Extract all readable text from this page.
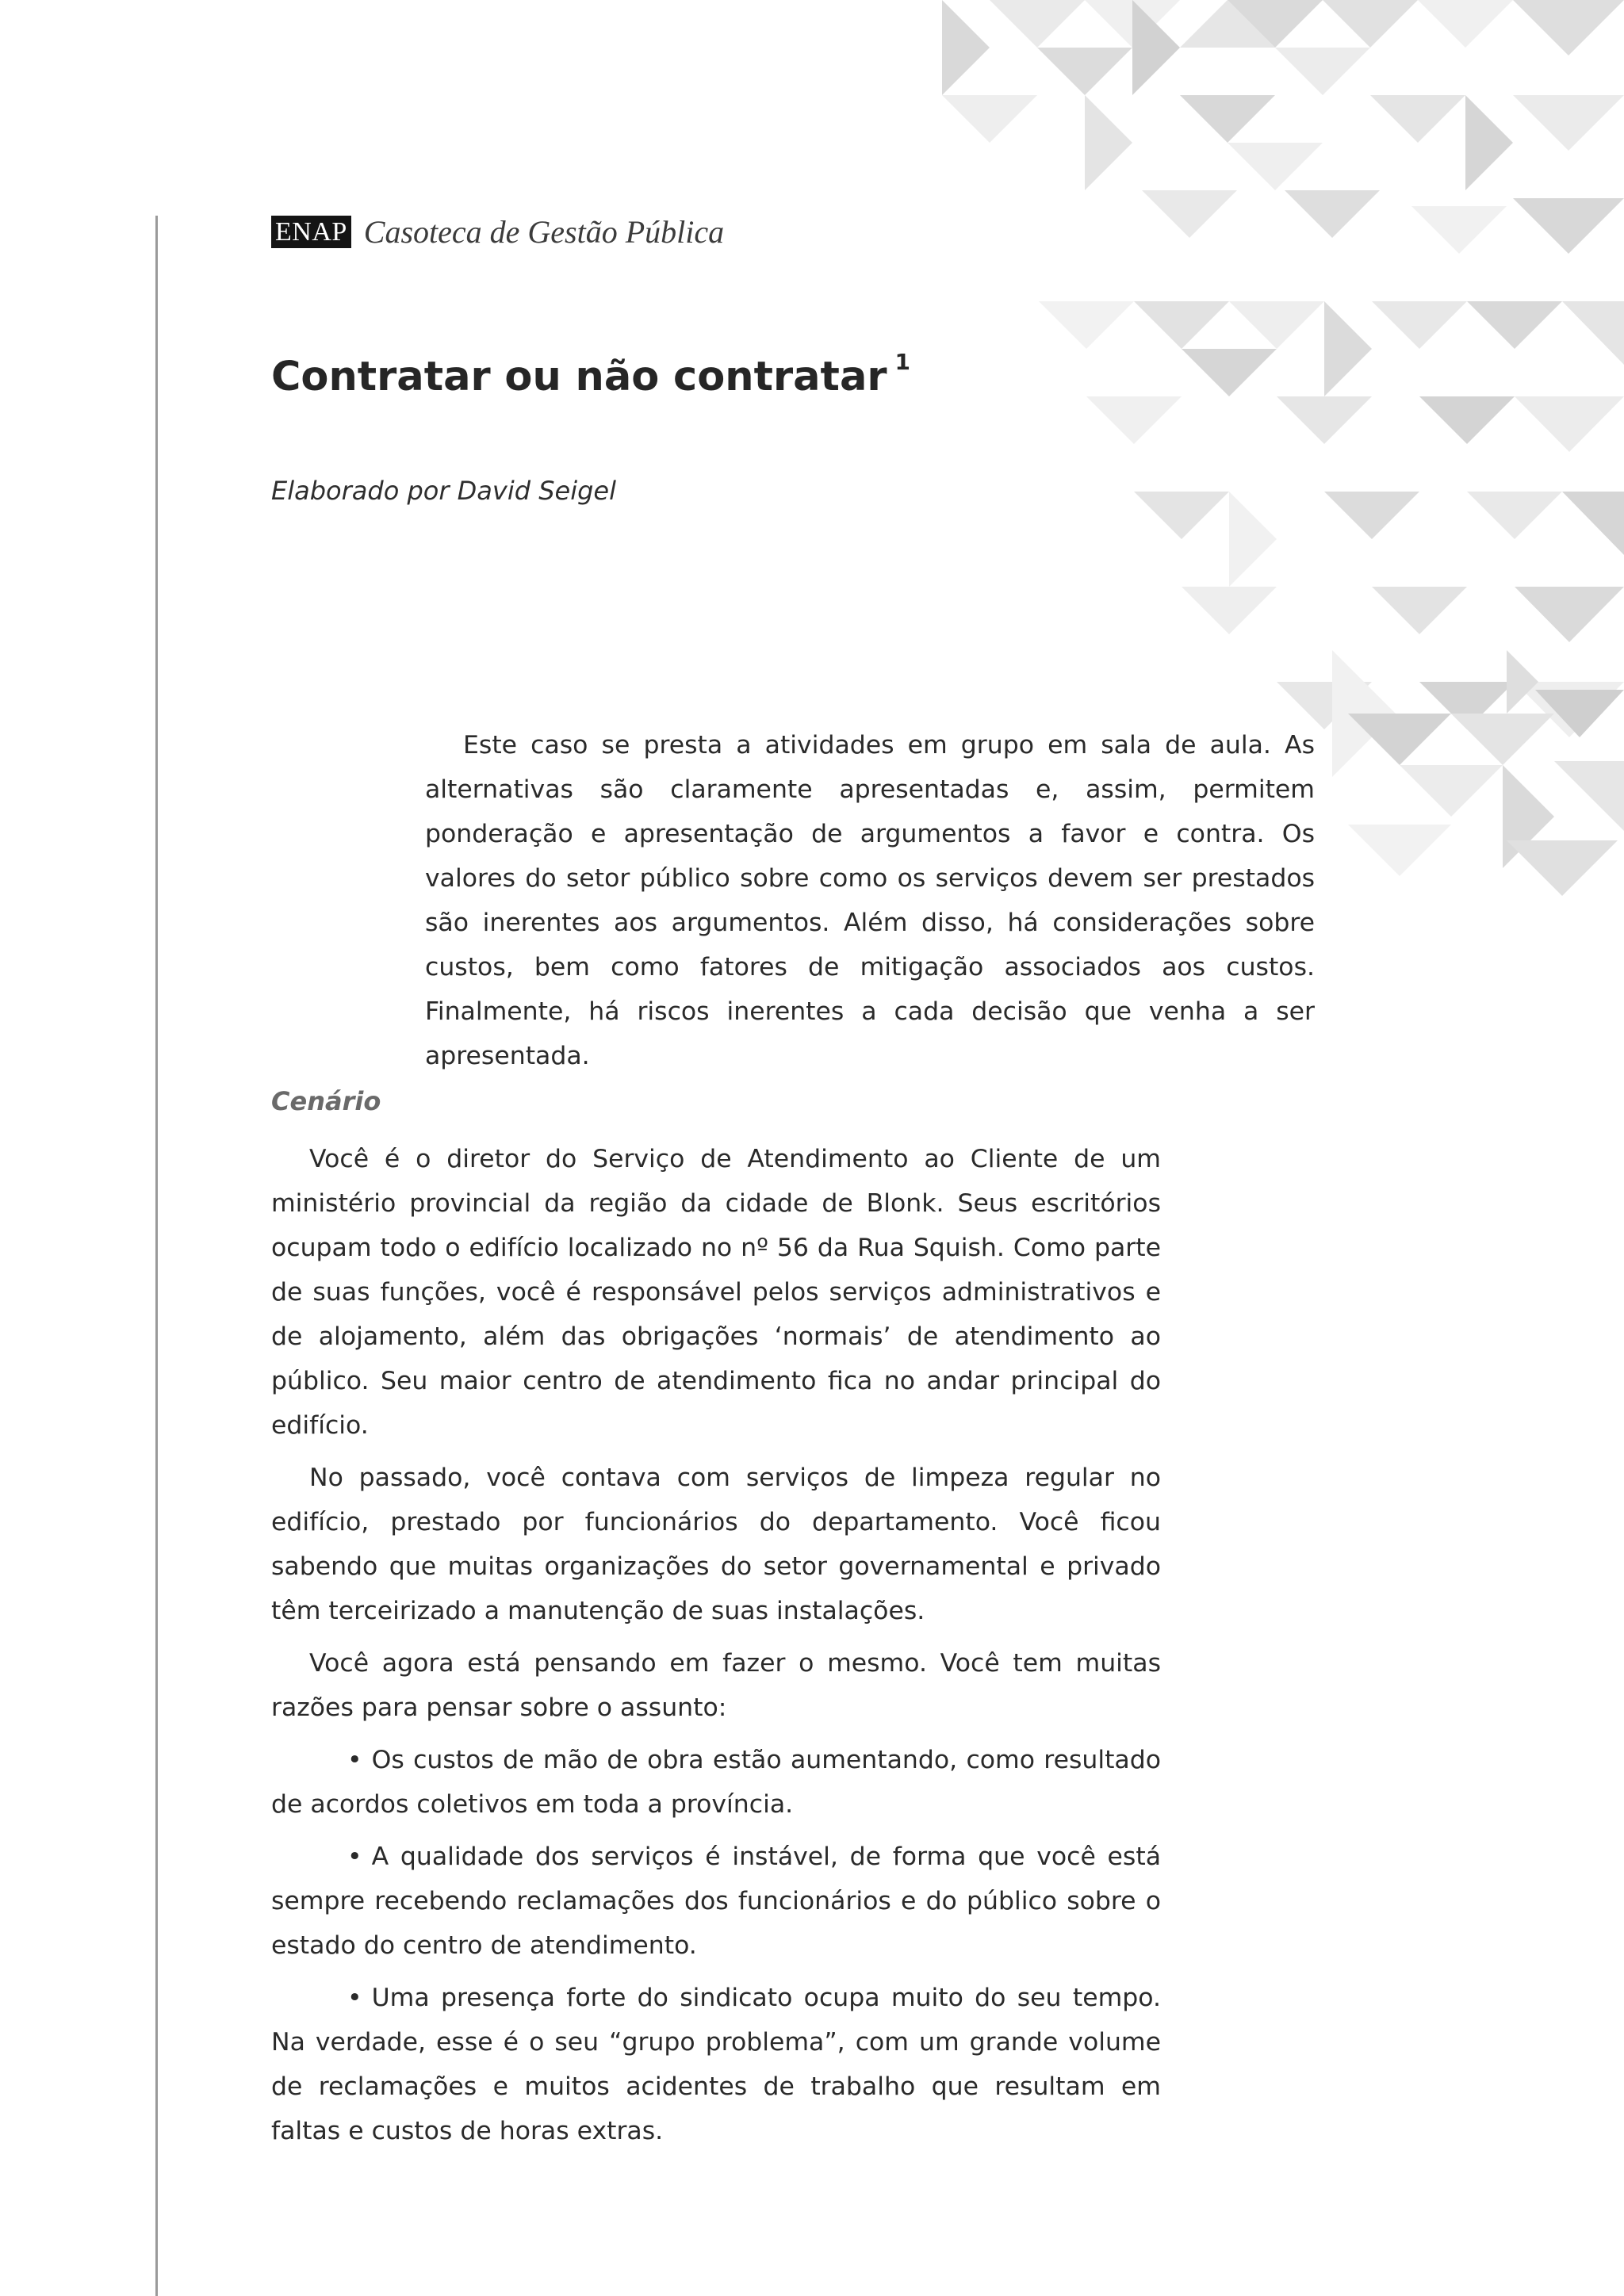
ENAP Casoteca de Gestão Pública
Contratar ou não contratar $^1$
Elaborado por David Seigel

Este caso se presta a atividades em grupo em sala de aula. As alternativas são claramente apresentadas e, assim, permitem ponderação e apresentação de argumentos a favor e contra. Os valores do setor público sobre como os serviços devem ser prestados são inerentes aos argumentos. Além disso, há considerações sobre custos, bem como fatores de mitigação associados aos custos. Finalmente, há riscos inerentes a cada decisão que venha a ser apresentada.

Cenário

Você é o diretor do Serviço de Atendimento ao Cliente de um ministério provincial da região da cidade de Blonk. Seus escritórios ocupam todo o edifício localizado no nº 56 da Rua Squish. Como parte de suas funções, você é responsável pelos serviços administrativos e de alojamento, além das obrigações ‘normais’ de atendimento ao público. Seu maior centro de atendimento fica no andar principal do edifício.

No passado, você contava com serviços de limpeza regular no edifício, prestado por funcionários do departamento. Você ficou sabendo que muitas organizações do setor governamental e privado têm terceirizado a manutenção de suas instalações.

Você agora está pensando em fazer o mesmo. Você tem muitas razões para pensar sobre o assunto:

• Os custos de mão de obra estão aumentando, como resultado de acordos coletivos em toda a província.

• A qualidade dos serviços é instável, de forma que você está sempre recebendo reclamações dos funcionários e do público sobre o estado do centro de atendimento.

• Uma presença forte do sindicato ocupa muito do seu tempo. Na verdade, esse é o seu “grupo problema”, com um grande volume de reclamações e muitos acidentes de trabalho que resultam em faltas e custos de horas extras.
